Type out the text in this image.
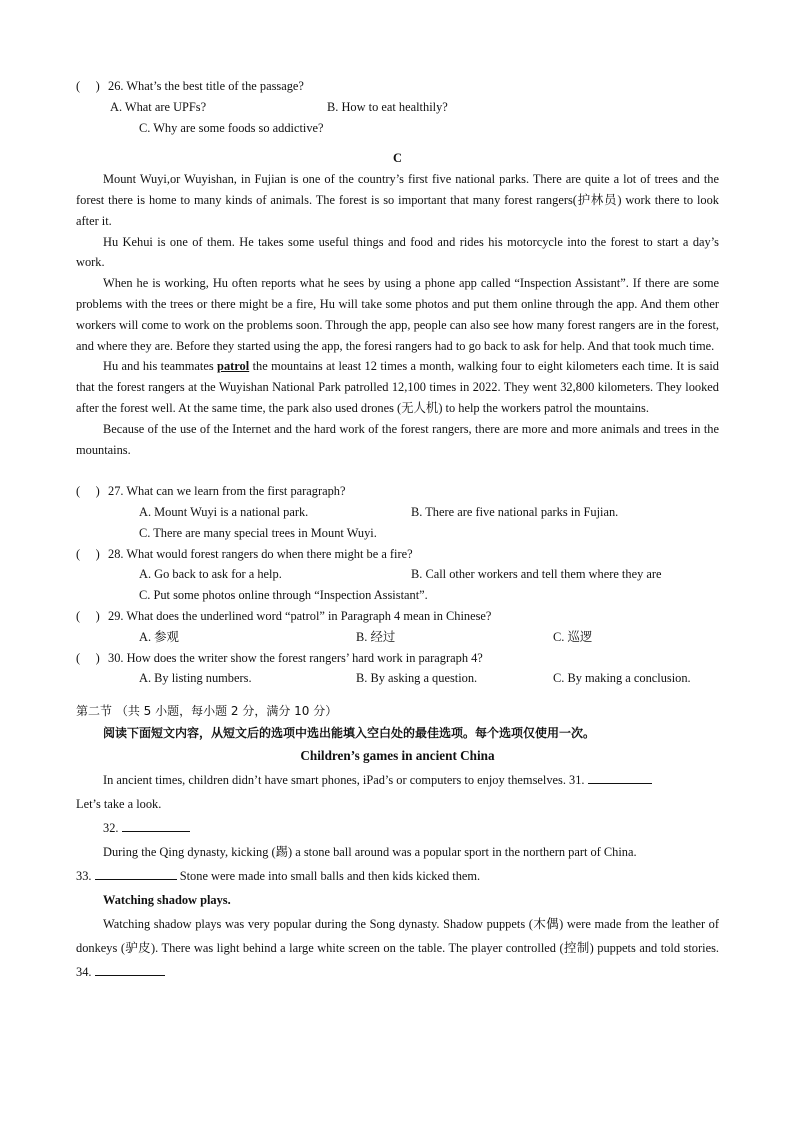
( ) 26. What’s the best title of the passage?
A. What are UPFs?	B. How to eat healthily?
C. Why are some foods so addictive?
C
Mount Wuyi,or Wuyishan, in Fujian is one of the country’s first five national parks. There are quite a lot of trees and the forest there is home to many kinds of animals. The forest is so important that many forest rangers(护林员) work there to look after it.
Hu Kehui is one of them. He takes some useful things and food and rides his motorcycle into the forest to start a day’s work.
When he is working, Hu often reports what he sees by using a phone app called “Inspection Assistant”. If there are some problems with the trees or there might be a fire, Hu will take some photos and put them online through the app. And them other workers will come to work on the problems soon. Through the app, people can also see how many forest rangers are in the forest, and where they are. Before they started using the app, the foresi rangers had to go back to ask for help. And that took much time.
Hu and his teammates patrol the mountains at least 12 times a month, walking four to eight kilometers each time. It is said that the forest rangers at the Wuyishan National Park patrolled 12,100 times in 2022. They went 32,800 kilometers. They looked after the forest well. At the same time, the park also used drones (无人机) to help the workers patrol the mountains.
Because of the use of the Internet and the hard work of the forest rangers, there are more and more animals and trees in the mountains.
(     ) 27. What can we learn from the first paragraph?
A. Mount Wuyi is a national park.	B. There are five national parks in Fujian.
C. There are many special trees in Mount Wuyi.
(     ) 28. What would forest rangers do when there might be a fire?
A. Go back to ask for a help.	B. Call other workers and tell them where they are
C. Put some photos online through “Inspection Assistant”.
(     ) 29. What does the underlined word “patrol” in Paragraph 4 mean in Chinese?
A. 参观	B. 经过	C. 巡逻
(     ) 30. How does the writer show the forest rangers’ hard work in paragraph 4?
A. By listing numbers.	B. By asking a question.	C. By making a conclusion.
第二节 （共 5 小题，每小题 2 分，满分 10 分）
阅读下面短文内容，从短文后的选项中选出能填入空白处的最佳选项。每个选项仅使用一次。
Children’s games in ancient China
In ancient times, children didn’t have smart phones, iPad’s or computers to enjoy themselves. 31.
Let’s take a look.
32.
During the Qing dynasty, kicking (踢) a stone ball around was a popular sport in the northern part of China.
33.	Stone were made into small balls and then kids kicked them.
Watching shadow plays.
Watching shadow plays was very popular during the Song dynasty. Shadow puppets (木偶) were made from the leather of donkeys (驴皮). There was light behind a large white screen on the table. The player controlled (控制) puppets and told stories. 34.
